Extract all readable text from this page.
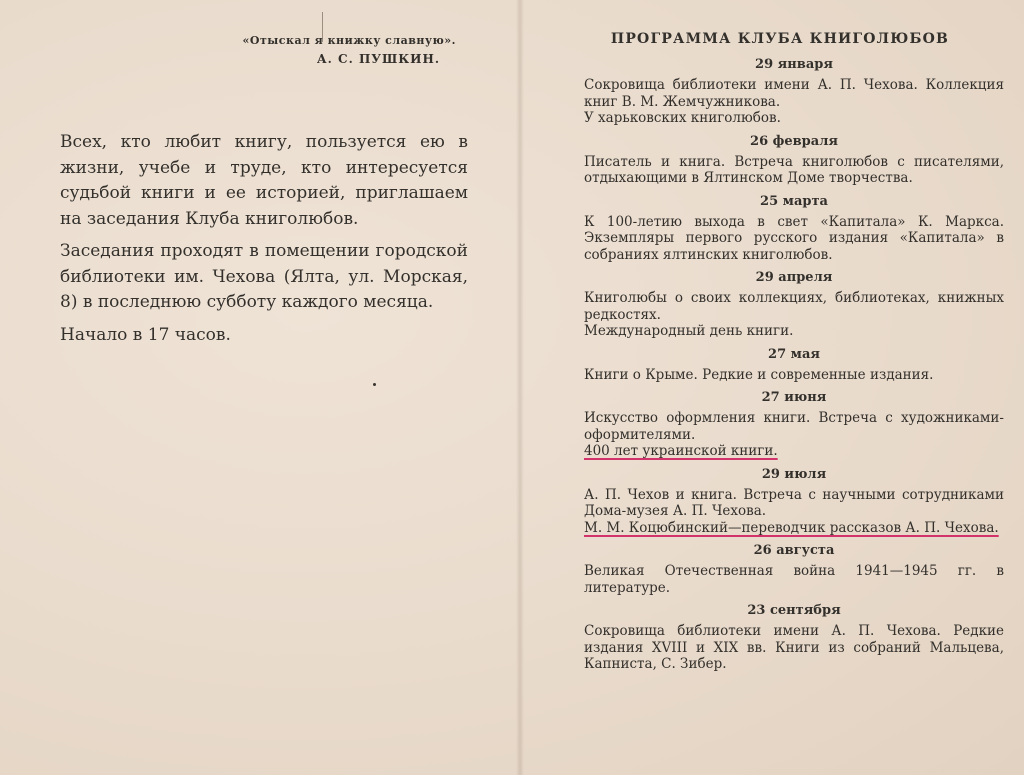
«Отыскал я книжку славную».
А. С. ПУШКИН.

Всех, кто любит книгу, пользуется ею в жизни, учебе и труде, кто интересуется судьбой книги и ее историей, приглашаем на заседания Клуба книголюбов.

Заседания проходят в помещении городской библиотеки им. Чехова (Ялта, ул. Морская, 8) в последнюю субботу каждого месяца.

Начало в 17 часов.

ПРОГРАММА КЛУБА КНИГОЛЮБОВ
29 января

Сокровища библиотеки имени А. П. Чехова. Коллекция книг В. М. Жемчужникова.

У харьковских книголюбов.

26 февраля

Писатель и книга. Встреча книголюбов с писателями, отдыхающими в Ялтинском Доме творчества.

25 марта

К 100-летию выхода в свет «Капитала» К. Маркса. Экземпляры первого русского издания «Капитала» в собраниях ялтинских книголюбов.

29 апреля

Книголюбы о своих коллекциях, библиотеках, книжных редкостях.

Международный день книги.

27 мая

Книги о Крыме. Редкие и современные издания.

27 июня

Искусство оформления книги. Встреча с художниками-оформителями.

400 лет украинской книги.

29 июля

А. П. Чехов и книга. Встреча с научными сотрудниками Дома-музея А. П. Чехова.

М. М. Коцюбинский—переводчик рассказов А. П. Чехова.

26 августа

Великая Отечественная война 1941—1945 гг. в литературе.

23 сентября

Сокровища библиотеки имени А. П. Чехова. Редкие издания XVIII и XIX вв. Книги из собраний Мальцева, Капниста, С. Зибер.
